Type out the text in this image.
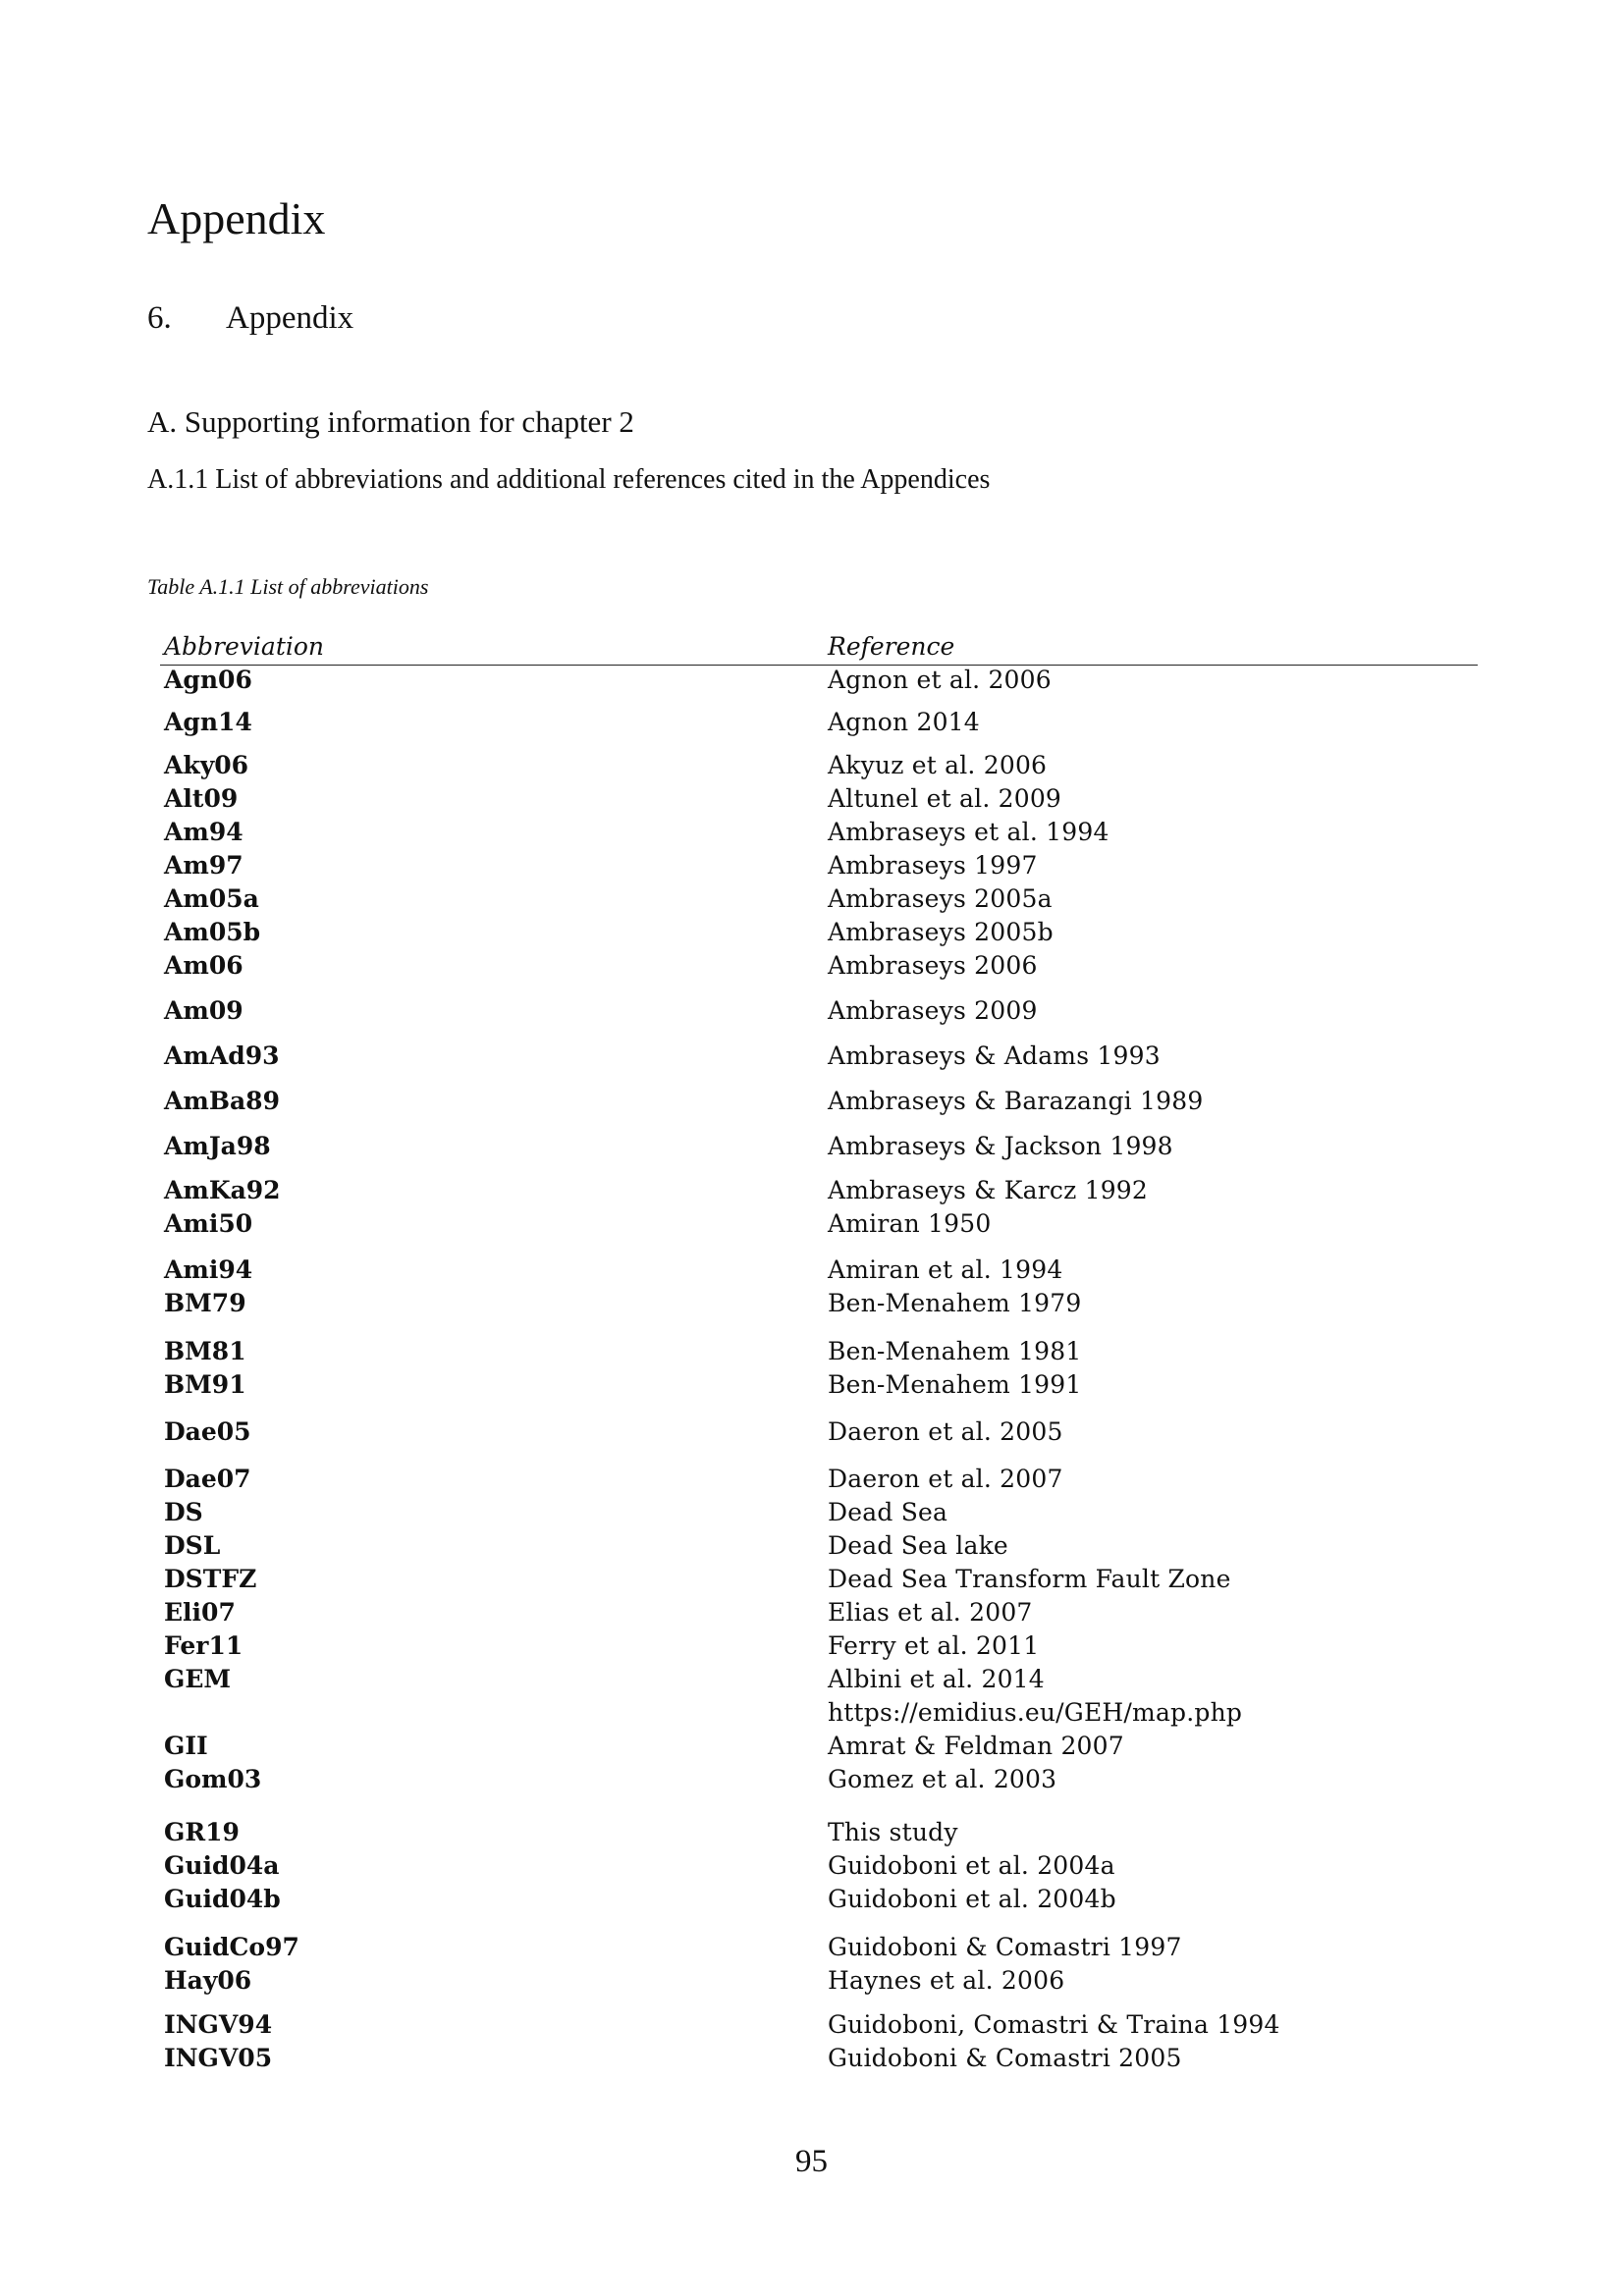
Appendix
6. Appendix
A. Supporting information for chapter 2
A.1.1 List of abbreviations and additional references cited in the Appendices

Table A.1.1 List of abbreviations

Abbreviation	Reference
Agn06	Agnon et al. 2006
Agn14	Agnon 2014
Aky06	Akyuz et al. 2006
Alt09	Altunel et al. 2009
Am94	Ambraseys et al. 1994
Am97	Ambraseys 1997
Am05a	Ambraseys 2005a
Am05b	Ambraseys 2005b
Am06	Ambraseys 2006
Am09	Ambraseys 2009
AmAd93	Ambraseys & Adams 1993
AmBa89	Ambraseys & Barazangi 1989
AmJa98	Ambraseys & Jackson 1998
AmKa92	Ambraseys & Karcz 1992
Ami50	Amiran 1950
Ami94	Amiran et al. 1994
BM79	Ben-Menahem 1979
BM81	Ben-Menahem 1981
BM91	Ben-Menahem 1991
Dae05	Daeron et al. 2005
Dae07	Daeron et al. 2007
DS	Dead Sea
DSL	Dead Sea lake
DSTFZ	Dead Sea Transform Fault Zone
Eli07	Elias et al. 2007
Fer11	Ferry et al. 2011
GEM	Albini et al. 2014
https://emidius.eu/GEH/map.php
GII	Amrat & Feldman 2007
Gom03	Gomez et al. 2003
GR19	This study
Guid04a	Guidoboni et al. 2004a
Guid04b	Guidoboni et al. 2004b
GuidCo97	Guidoboni & Comastri 1997
Hay06	Haynes et al. 2006
INGV94	Guidoboni, Comastri & Traina 1994
INGV05	Guidoboni & Comastri 2005

95
